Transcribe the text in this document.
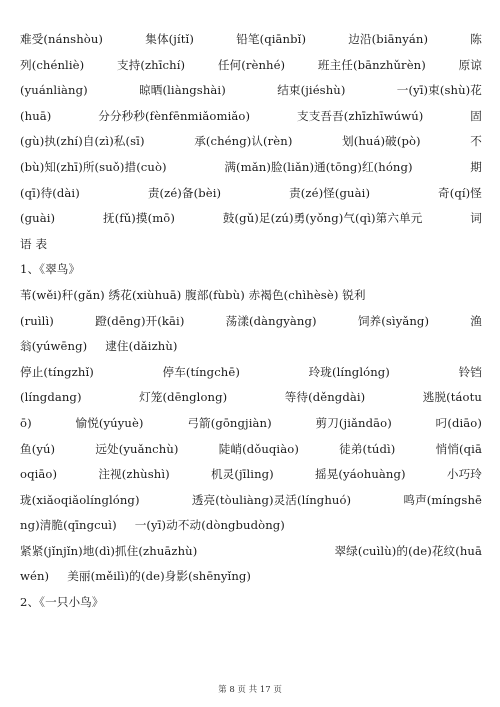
难受(nánshòu)	集体(jítǐ)	铅笔(qiānbǐ)	边沿(biānyán)	陈
列(chénliè)	支持(zhīchí)	任何(rènhé)	班主任(bānzhǔrèn)	原谅
(yuánliàng)	晾晒(liàngshài)	结束(jiéshù)	一(yī)束(shù)花
(huā)	分分秒秒(fènfēnmiǎomiǎo)	支支吾吾(zhīzhīwúwú)	固
(gù)执(zhí)自(zì)私(sī)	承(chéng)认(rèn)	划(huá)破(pò)	不
(bù)知(zhī)所(suǒ)措(cuò)	满(mǎn)脸(liǎn)通(tōng)红(hóng)	期
(qī)待(dài)	责(zé)备(bèi)	责(zé)怪(guài)	奇(qí)怪
(guài)	抚(fǔ)摸(mō)	鼓(gǔ)足(zú)勇(yǒng)气(qì)第六单元	词
语 表
1、《翠鸟》
苇(wěi)秆(gǎn) 绣花(xiùhuā) 腹部(fùbù) 赤褐色(chìhèsè) 锐利
(ruìlì)	蹬(dēng)开(kāi)	荡漾(dàngyàng)	饲养(sìyǎng)	渔
翁(yúwēng) 逮住(dǎizhù)
停止(tíngzhǐ)	停车(tíngchē)	玲珑(línglóng)	铃铛
(língdang)	灯笼(dēnglong)	等待(děngdài)	逃脱(táotu
ō)	愉悦(yúyuè)	弓箭(gōngjiàn)	剪刀(jiǎndāo)	叼(diāo)
鱼(yú)	远处(yuǎnchù)	陡峭(dǒuqiào)	徒弟(túdì)	悄悄(qiā
oqiāo)	注视(zhùshì)	机灵(jīling)	摇晃(yáohuàng)	小巧玲
珑(xiǎoqiǎolínglóng)	透亮(tòuliàng)灵活(línghuó)	鸣声(míngshē
ng)清脆(qīngcuì) 一(yī)动不动(dòngbudòng)
紧紧(jǐnjǐn)地(dì)抓住(zhuāzhù)	翠绿(cuìlù)的(de)花纹(huā
wén) 美丽(měilì)的(de)身影(shēnyǐng)
2、《一只小鸟》
第 8 页 共 17 页
